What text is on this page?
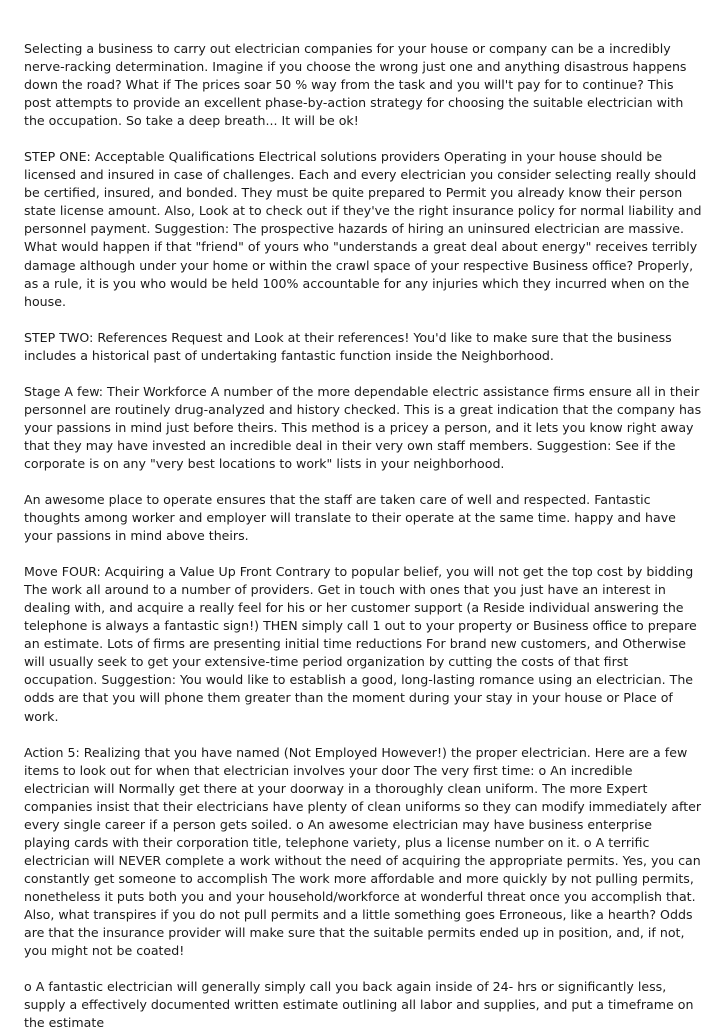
Selecting a business to carry out electrician companies for your house or company can be a incredibly nerve-racking determination. Imagine if you choose the wrong just one and anything disastrous happens down the road? What if The prices soar 50 % way from the task and you will't pay for to continue? This post attempts to provide an excellent phase-by-action strategy for choosing the suitable electrician with the occupation. So take a deep breath... It will be ok!

STEP ONE: Acceptable Qualifications Electrical solutions providers Operating in your house should be licensed and insured in case of challenges. Each and every electrician you consider selecting really should be certified, insured, and bonded. They must be quite prepared to Permit you already know their person state license amount. Also, Look at to check out if they've the right insurance policy for normal liability and personnel payment. Suggestion: The prospective hazards of hiring an uninsured electrician are massive. What would happen if that "friend" of yours who "understands a great deal about energy" receives terribly damage although under your home or within the crawl space of your respective Business office? Properly, as a rule, it is you who would be held 100% accountable for any injuries which they incurred when on the house.

STEP TWO: References Request and Look at their references! You'd like to make sure that the business includes a historical past of undertaking fantastic function inside the Neighborhood.

Stage A few: Their Workforce A number of the more dependable electric assistance firms ensure all in their personnel are routinely drug-analyzed and history checked. This is a great indication that the company has your passions in mind just before theirs. This method is a pricey a person, and it lets you know right away that they may have invested an incredible deal in their very own staff members. Suggestion: See if the corporate is on any "very best locations to work" lists in your neighborhood.

An awesome place to operate ensures that the staff are taken care of well and respected. Fantastic thoughts among worker and employer will translate to their operate at the same time. happy and have your passions in mind above theirs.

Move FOUR: Acquiring a Value Up Front Contrary to popular belief, you will not get the top cost by bidding The work all around to a number of providers. Get in touch with ones that you just have an interest in dealing with, and acquire a really feel for his or her customer support (a Reside individual answering the telephone is always a fantastic sign!) THEN simply call 1 out to your property or Business office to prepare an estimate. Lots of firms are presenting initial time reductions For brand new customers, and Otherwise will usually seek to get your extensive-time period organization by cutting the costs of that first occupation. Suggestion: You would like to establish a good, long-lasting romance using an electrician. The odds are that you will phone them greater than the moment during your stay in your house or Place of work.

Action 5: Realizing that you have named (Not Employed However!) the proper electrician. Here are a few items to look out for when that electrician involves your door The very first time: o An incredible electrician will Normally get there at your doorway in a thoroughly clean uniform. The more Expert companies insist that their electricians have plenty of clean uniforms so they can modify immediately after every single career if a person gets soiled. o An awesome electrician may have business enterprise playing cards with their corporation title, telephone variety, plus a license number on it. o A terrific electrician will NEVER complete a work without the need of acquiring the appropriate permits. Yes, you can constantly get someone to accomplish The work more affordable and more quickly by not pulling permits, nonetheless it puts both you and your household/workforce at wonderful threat once you accomplish that. Also, what transpires if you do not pull permits and a little something goes Erroneous, like a hearth? Odds are that the insurance provider will make sure that the suitable permits ended up in position, and, if not, you might not be coated!

o A fantastic electrician will generally simply call you back again inside of 24- hrs or significantly less, supply a effectively documented written estimate outlining all labor and supplies, and put a timeframe on the estimate
